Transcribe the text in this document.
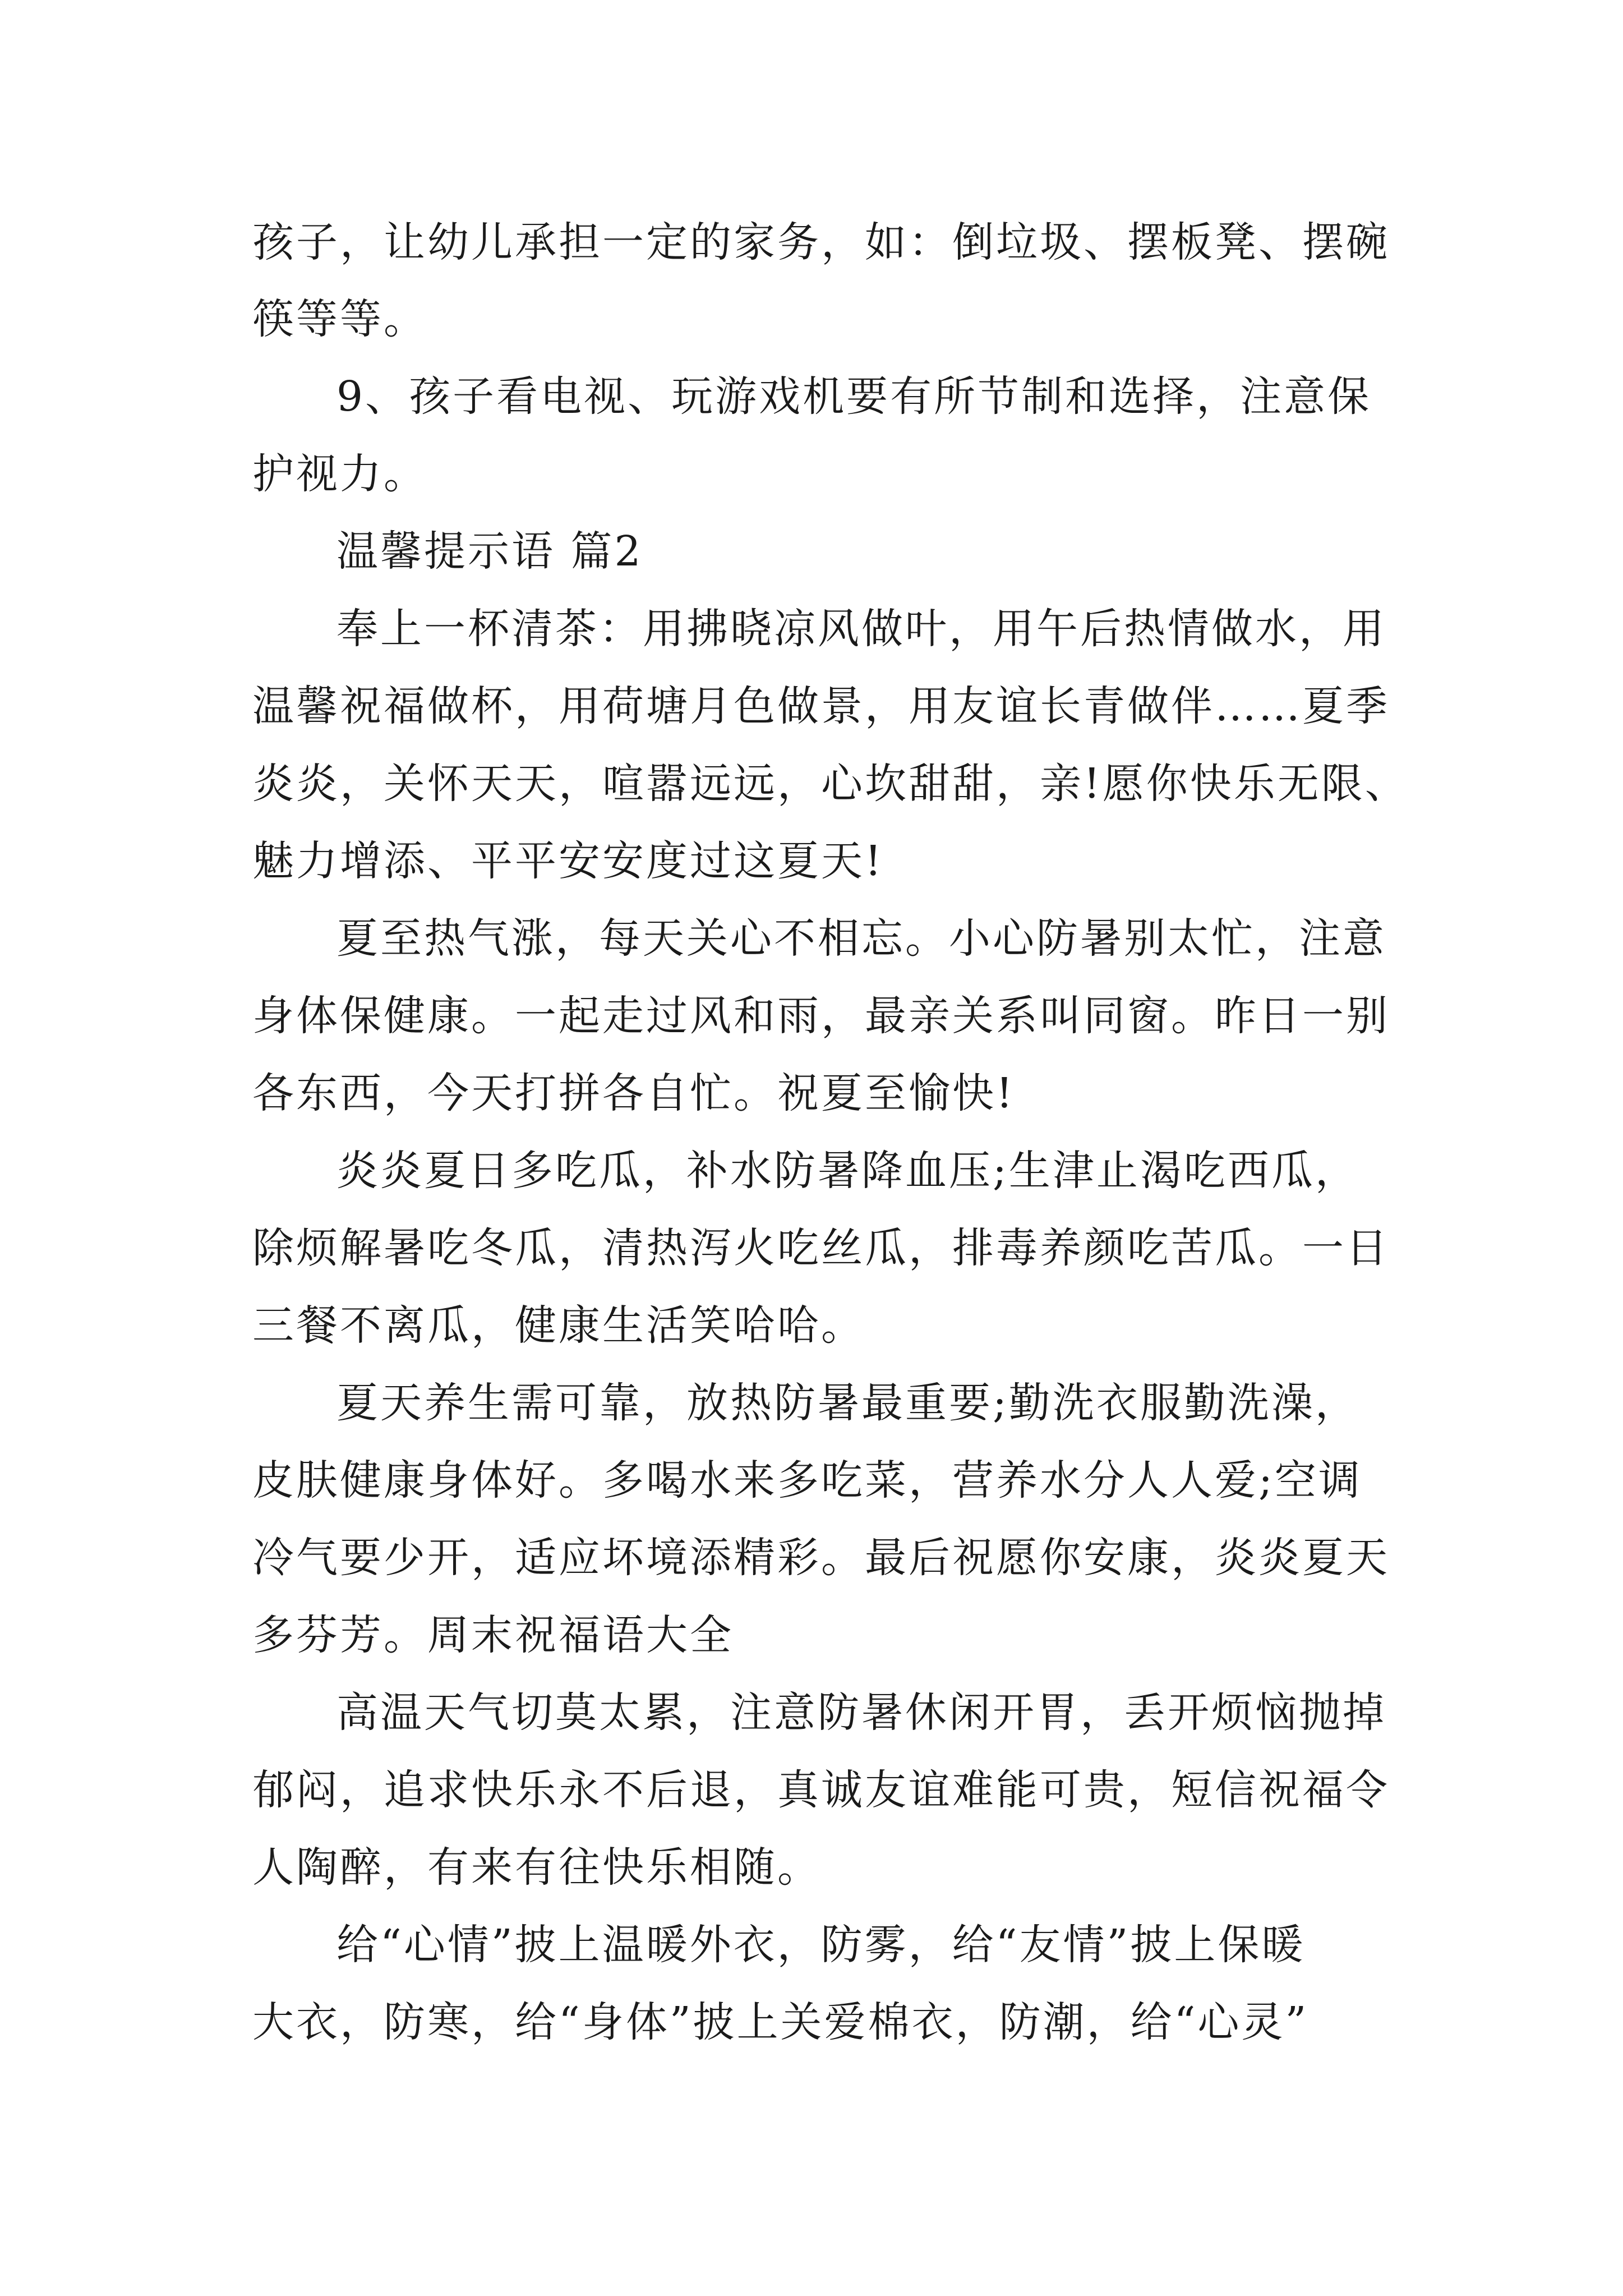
孩子，让幼儿承担一定的家务，如：倒垃圾、摆板凳、摆碗

筷等等。

9、孩子看电视、玩游戏机要有所节制和选择，注意保

护视力。

温馨提示语 篇2

奉上一杯清茶：用拂晓凉风做叶，用午后热情做水，用

温馨祝福做杯，用荷塘月色做景，用友谊长青做伴……夏季

炎炎，关怀天天，喧嚣远远，心坎甜甜，亲!愿你快乐无限、

魅力增添、平平安安度过这夏天!

夏至热气涨，每天关心不相忘。小心防暑别太忙，注意

身体保健康。一起走过风和雨，最亲关系叫同窗。昨日一别

各东西，今天打拼各自忙。祝夏至愉快!

炎炎夏日多吃瓜，补水防暑降血压;生津止渴吃西瓜，

除烦解暑吃冬瓜，清热泻火吃丝瓜，排毒养颜吃苦瓜。一日

三餐不离瓜，健康生活笑哈哈。

夏天养生需可靠，放热防暑最重要;勤洗衣服勤洗澡，

皮肤健康身体好。多喝水来多吃菜，营养水分人人爱;空调

冷气要少开，适应坏境添精彩。最后祝愿你安康，炎炎夏天

多芬芳。周末祝福语大全

高温天气切莫太累，注意防暑休闲开胃，丢开烦恼抛掉

郁闷，追求快乐永不后退，真诚友谊难能可贵，短信祝福令

人陶醉，有来有往快乐相随。

给“心情”披上温暖外衣，防雾，给“友情”披上保暖

大衣，防寒，给“身体”披上关爱棉衣，防潮，给“心灵”
